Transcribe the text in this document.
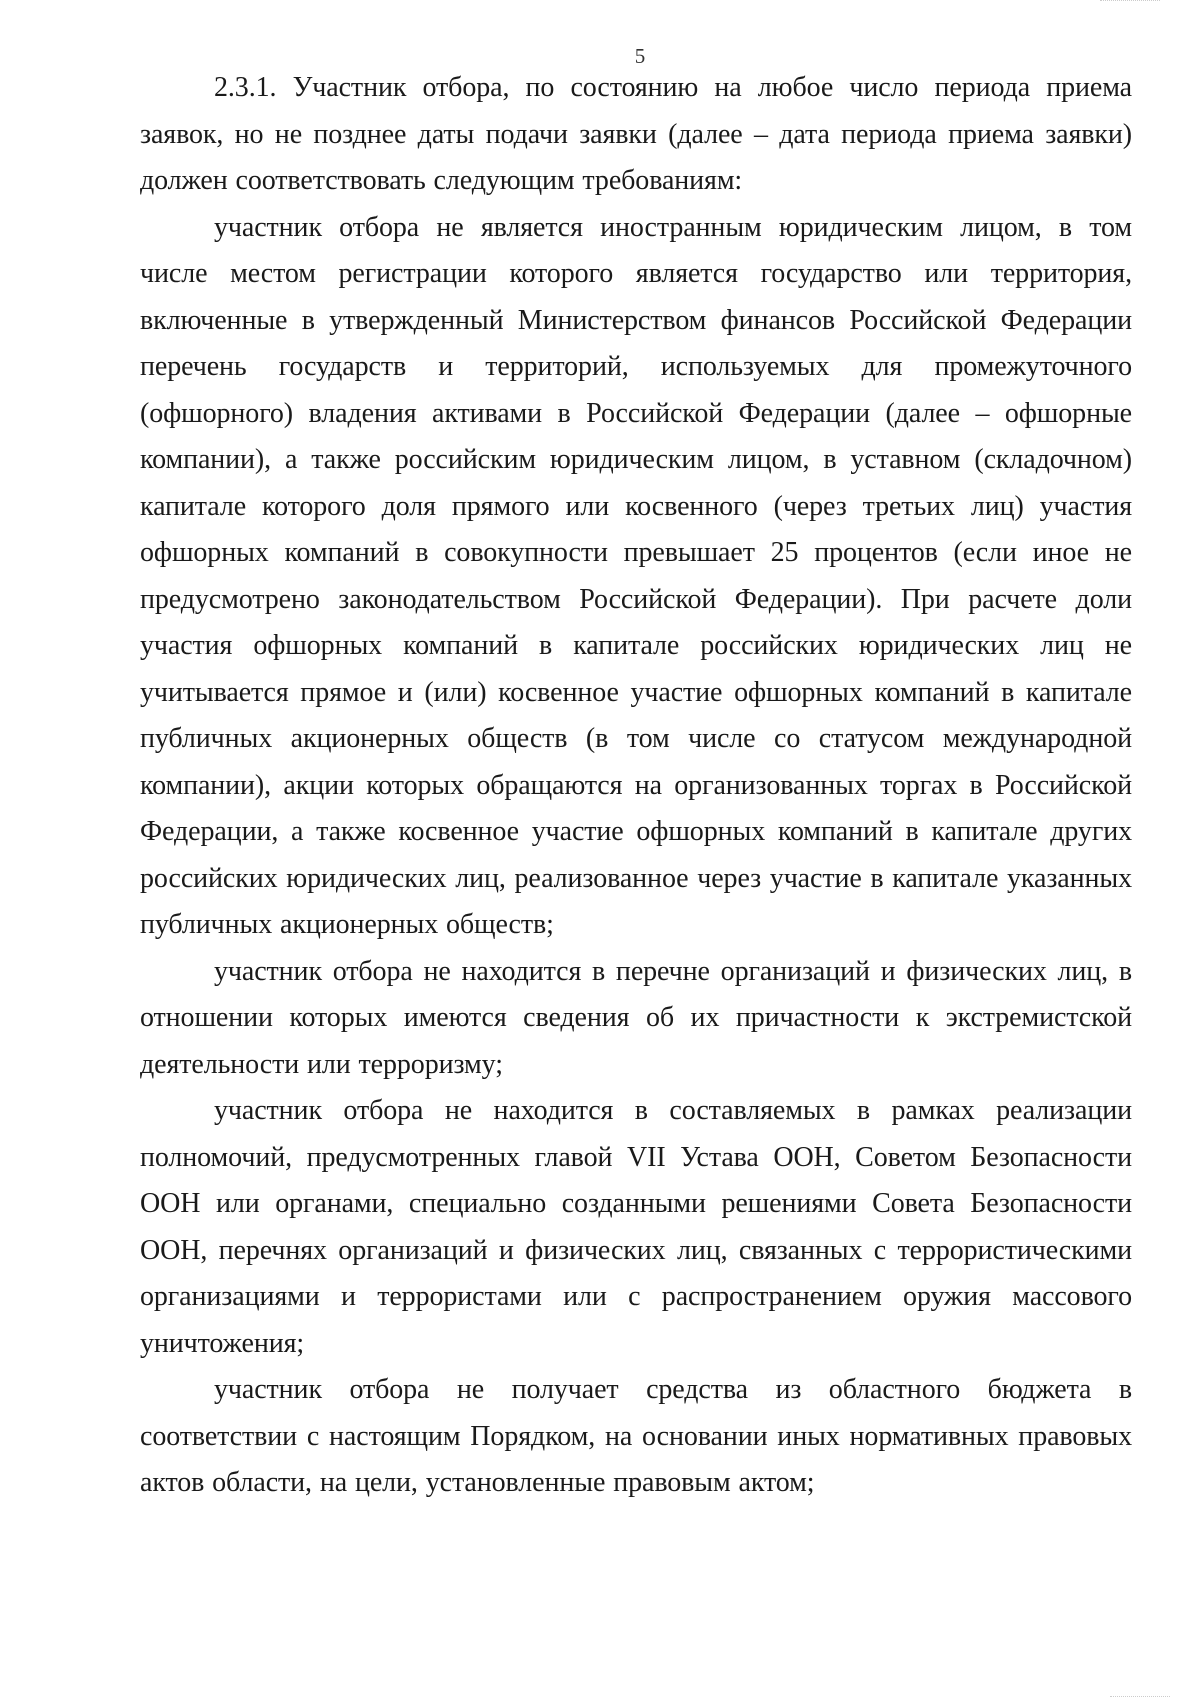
5

2.3.1. Участник отбора, по состоянию на любое число периода приема заявок, но не позднее даты подачи заявки (далее – дата периода приема заявки) должен соответствовать следующим требованиям:

участник отбора не является иностранным юридическим лицом, в том числе местом регистрации которого является государство или территория, включенные в утвержденный Министерством финансов Российской Федерации перечень государств и территорий, используемых для промежуточного (офшорного) владения активами в Российской Федерации (далее – офшорные компании), а также российским юридическим лицом, в уставном (складочном) капитале которого доля прямого или косвенного (через третьих лиц) участия офшорных компаний в совокупности превышает 25 процентов (если иное не предусмотрено законодательством Российской Федерации). При расчете доли участия офшорных компаний в капитале российских юридических лиц не учитывается прямое и (или) косвенное участие офшорных компаний в капитале публичных акционерных обществ (в том числе со статусом международной компании), акции которых обращаются на организованных торгах в Российской Федерации, а также косвенное участие офшорных компаний в капитале других российских юридических лиц, реализованное через участие в капитале указанных публичных акционерных обществ;

участник отбора не находится в перечне организаций и физических лиц, в отношении которых имеются сведения об их причастности к экстремистской деятельности или терроризму;

участник отбора не находится в составляемых в рамках реализации полномочий, предусмотренных главой VII Устава ООН, Советом Безопасности ООН или органами, специально созданными решениями Совета Безопасности ООН, перечнях организаций и физических лиц, связанных с террористическими организациями и террористами или с распространением оружия массового уничтожения;

участник отбора не получает средства из областного бюджета в соответствии с настоящим Порядком, на основании иных нормативных правовых актов области, на цели, установленные правовым актом;
